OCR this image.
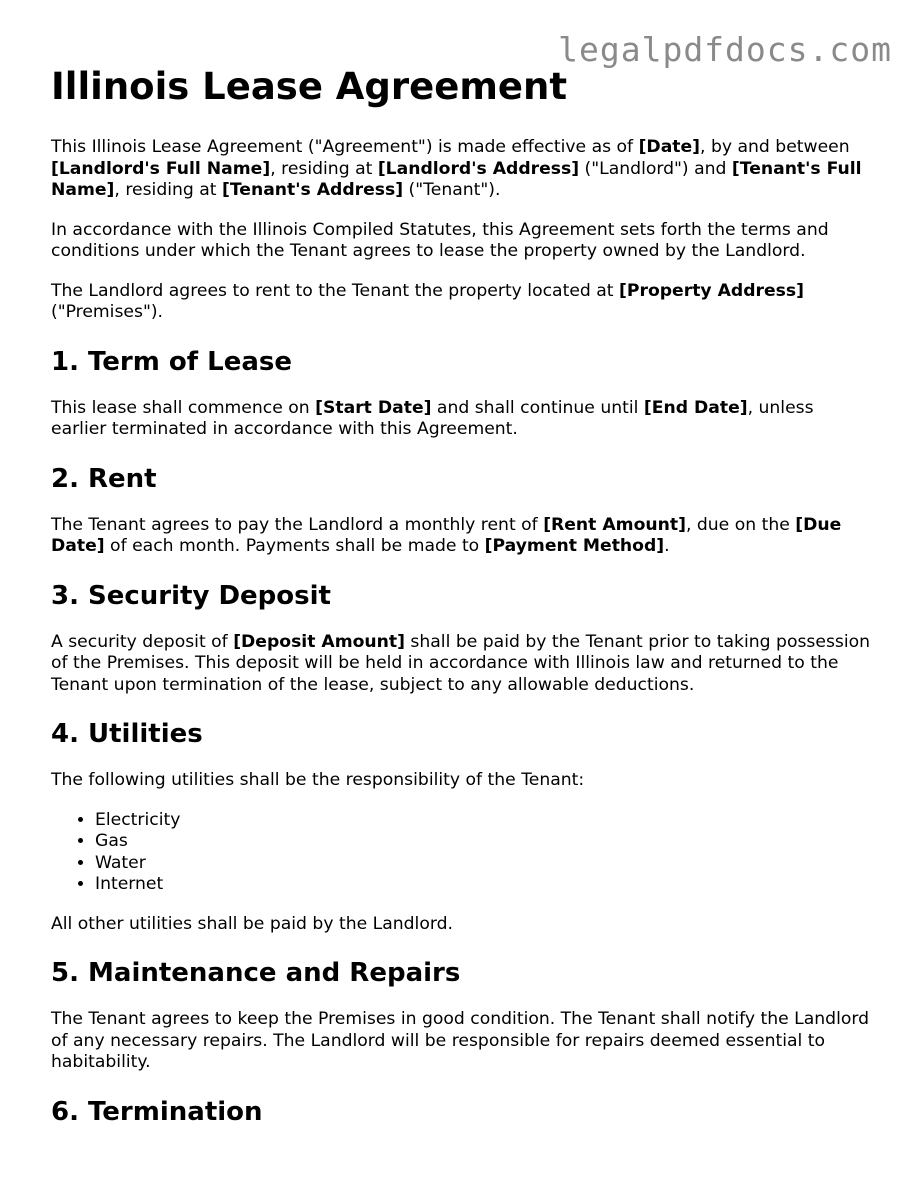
legalpdfdocs.com
Illinois Lease Agreement

This Illinois Lease Agreement ("Agreement") is made effective as of [Date], by and between [Landlord's Full Name], residing at [Landlord's Address] ("Landlord") and [Tenant's Full Name], residing at [Tenant's Address] ("Tenant").

In accordance with the Illinois Compiled Statutes, this Agreement sets forth the terms and conditions under which the Tenant agrees to lease the property owned by the Landlord.

The Landlord agrees to rent to the Tenant the property located at [Property Address] ("Premises").

1. Term of Lease

This lease shall commence on [Start Date] and shall continue until [End Date], unless earlier terminated in accordance with this Agreement.

2. Rent

The Tenant agrees to pay the Landlord a monthly rent of [Rent Amount], due on the [Due Date] of each month. Payments shall be made to [Payment Method].

3. Security Deposit

A security deposit of [Deposit Amount] shall be paid by the Tenant prior to taking possession of the Premises. This deposit will be held in accordance with Illinois law and returned to the Tenant upon termination of the lease, subject to any allowable deductions.

4. Utilities

The following utilities shall be the responsibility of the Tenant:

• Electricity
• Gas
• Water
• Internet

All other utilities shall be paid by the Landlord.

5. Maintenance and Repairs

The Tenant agrees to keep the Premises in good condition. The Tenant shall notify the Landlord of any necessary repairs. The Landlord will be responsible for repairs deemed essential to habitability.

6. Termination
